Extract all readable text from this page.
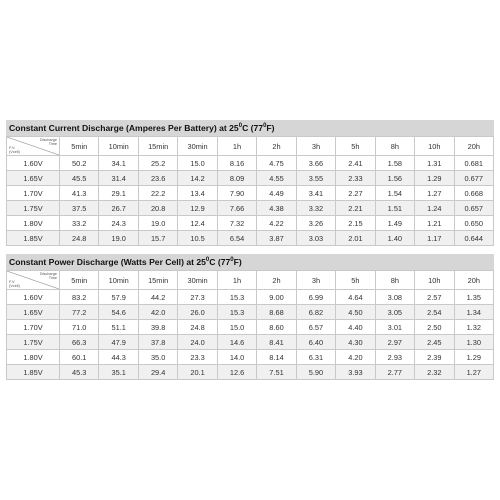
Constant Current Discharge (Amperes Per Battery) at $25^0C$ $(77^0F)$
Discharge
Time
F.V.
(Vcell)	5min	10min	15min	30min	1h	2h	3h	5h	8h	10h	20h
1.60V	50.2	34.1	25.2	15.0	8.16	4.75	3.66	2.41	1.58	1.31	0.681
1.65V	45.5	31.4	23.6	14.2	8.09	4.55	3.55	2.33	1.56	1.29	0.677
1.70V	41.3	29.1	22.2	13.4	7.90	4.49	3.41	2.27	1.54	1.27	0.668
1.75V	37.5	26.7	20.8	12.9	7.66	4.38	3.32	2.21	1.51	1.24	0.657
1.80V	33.2	24.3	19.0	12.4	7.32	4.22	3.26	2.15	1.49	1.21	0.650
1.85V	24.8	19.0	15.7	10.5	6.54	3.87	3.03	2.01	1.40	1.17	0.644
Constant Power Discharge (Watts Per Cell) at $25^0C$ $(77^0F)$
Discharge
Time
F.V.
(Vcell)	5min	10min	15min	30min	1h	2h	3h	5h	8h	10h	20h
1.60V	83.2	57.9	44.2	27.3	15.3	9.00	6.99	4.64	3.08	2.57	1.35
1.65V	77.2	54.6	42.0	26.0	15.3	8.68	6.82	4.50	3.05	2.54	1.34
1.70V	71.0	51.1	39.8	24.8	15.0	8.60	6.57	4.40	3.01	2.50	1.32
1.75V	66.3	47.9	37.8	24.0	14.6	8.41	6.40	4.30	2.97	2.45	1.30
1.80V	60.1	44.3	35.0	23.3	14.0	8.14	6.31	4.20	2.93	2.39	1.29
1.85V	45.3	35.1	29.4	20.1	12.6	7.51	5.90	3.93	2.77	2.32	1.27
